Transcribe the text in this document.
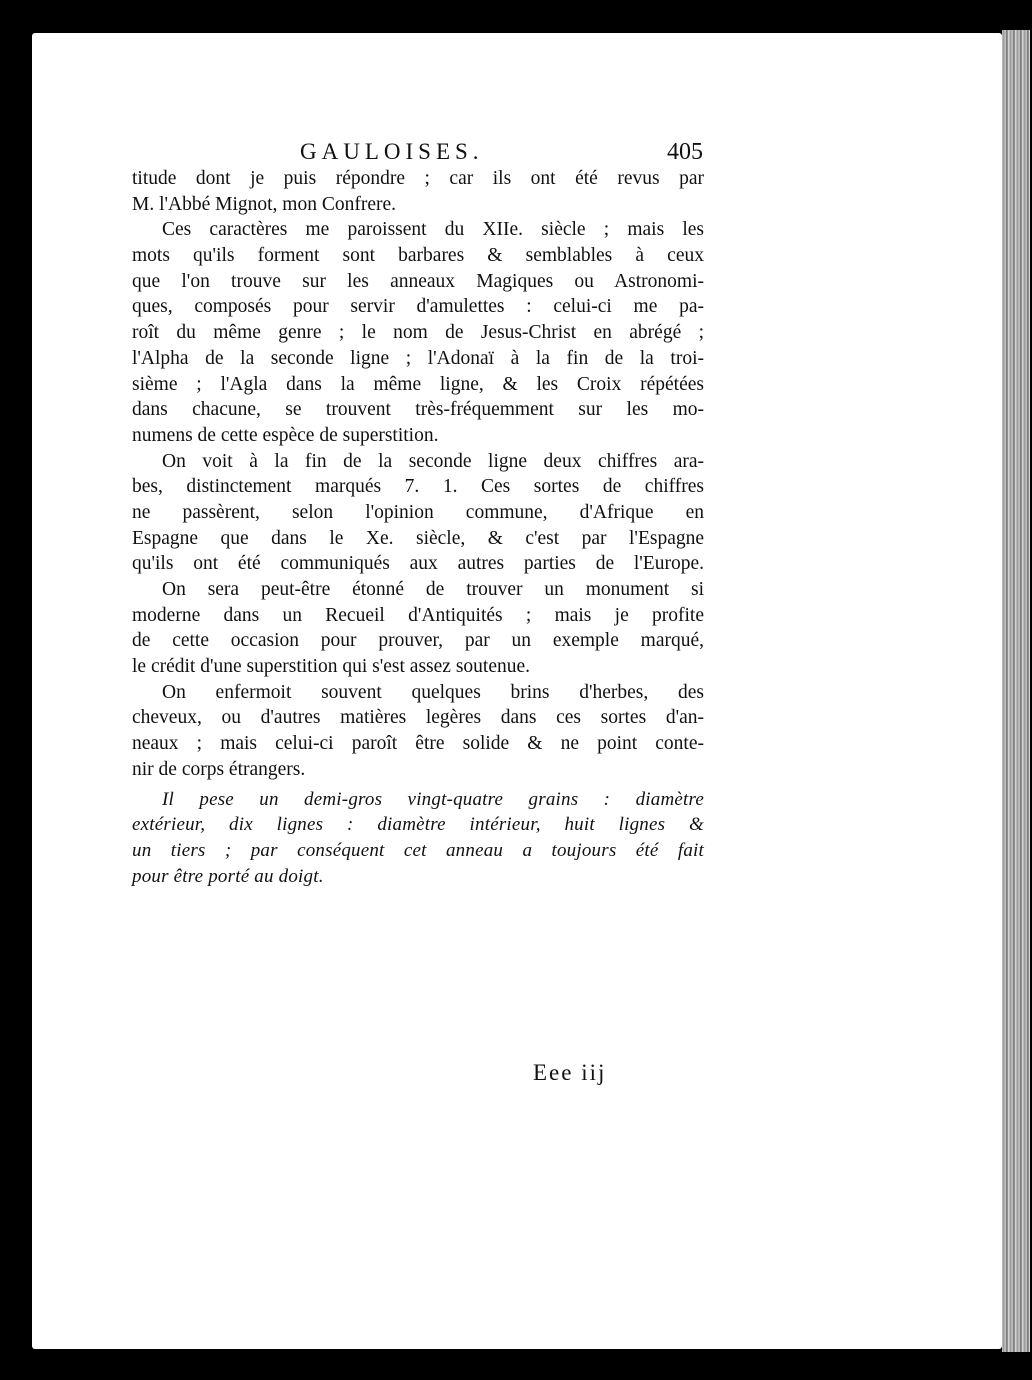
GAULOISES.	405
titude dont je puis répondre ; car ils ont été revus par
M. l'Abbé Mignot, mon Confrere.
Ces caractères me paroissent du XIIe. siècle ; mais les
mots qu'ils forment sont barbares & semblables à ceux
que l'on trouve sur les anneaux Magiques ou Astronomi-
ques, composés pour servir d'amulettes : celui-ci me pa-
roît du même genre ; le nom de Jesus-Christ en abrégé ;
l'Alpha de la seconde ligne ; l'Adonaï à la fin de la troi-
sième ; l'Agla dans la même ligne, & les Croix répétées
dans chacune, se trouvent très-fréquemment sur les mo-
numens de cette espèce de superstition.
On voit à la fin de la seconde ligne deux chiffres ara-
bes, distinctement marqués 7. 1. Ces sortes de chiffres
ne passèrent, selon l'opinion commune, d'Afrique en
Espagne que dans le Xe. siècle, & c'est par l'Espagne
qu'ils ont été communiqués aux autres parties de l'Europe.
On sera peut-être étonné de trouver un monument si
moderne dans un Recueil d'Antiquités ; mais je profite
de cette occasion pour prouver, par un exemple marqué,
le crédit d'une superstition qui s'est assez soutenue.
On enfermoit souvent quelques brins d'herbes, des
cheveux, ou d'autres matières legères dans ces sortes d'an-
neaux ; mais celui-ci paroît être solide & ne point conte-
nir de corps étrangers.
Il pese un demi-gros vingt-quatre grains : diamètre
extérieur, dix lignes : diamètre intérieur, huit lignes &
un tiers ; par conséquent cet anneau a toujours été fait
pour être porté au doigt.
Eee iij
